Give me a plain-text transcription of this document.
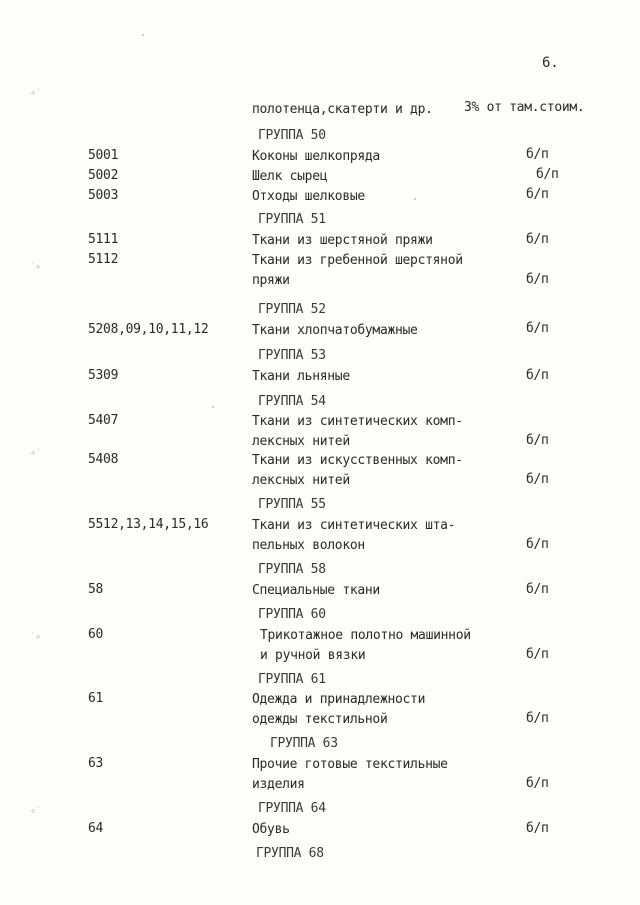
∘˙
˙∘
∘˙
˙∘
∘˙
6.
полотенца,скатерти и др. 3% от там.стоим.
ГРУППА 50
5001	Коконы шелкопряда	б/п
5002	Шелк сырец	б/п
5003	Отходы шелковые	б/п
ГРУППА 51
5111	Ткани из шерстяной пряжи	б/п
5112	Ткани из гребенной шерстяной
пряжи	б/п
ГРУППА 52
5208,09,10,11,12	Ткани хлопчатобумажные	б/п
ГРУППА 53
5309	Ткани льняные	б/п
ГРУППА 54
5407	Ткани из синтетических комп-
лексных нитей	б/п
5408	Ткани из искусственных комп-
лексных нитей	б/п
ГРУППА 55
5512,13,14,15,16	Ткани из синтетических шта-
пельных волокон	б/п
ГРУППА 58
58	Специальные ткани	б/п
ГРУППА 60
60	Трикотажное полотно машинной
и ручной вязки	б/п
ГРУППА 61
61	Одежда и принадлежности
одежды текстильной	б/п
ГРУППА 63
63	Прочие готовые текстильные
изделия	б/п
ГРУППА 64
64	Обувь	б/п
ГРУППА 68
